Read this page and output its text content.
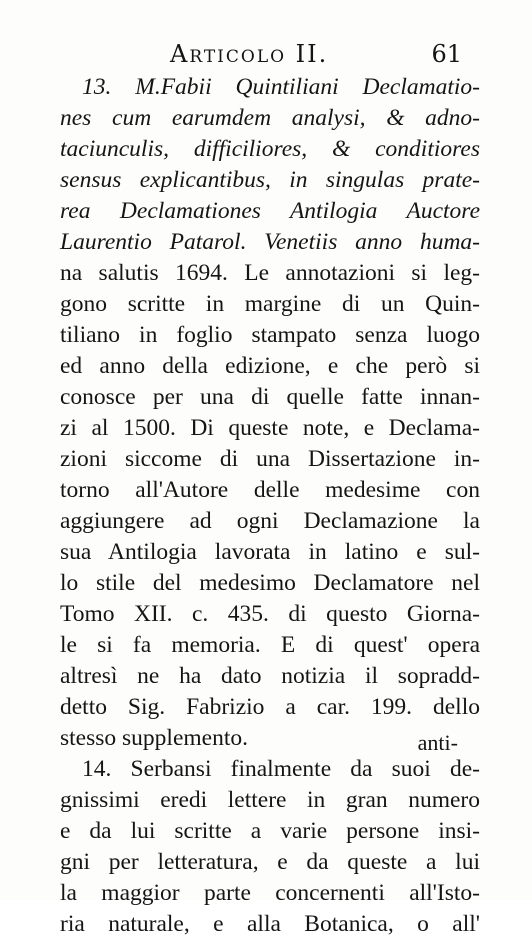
Articolo II.	61
13. M.Fabii Quintiliani Declamatio-
nes cum earumdem analysi, & adno-
taciunculis, difficiliores, & conditiores
sensus explicantibus, in singulas prate-
rea Declamationes Antilogia Auctore
Laurentio Patarol. Venetiis anno huma-
na salutis 1694. Le annotazioni si leg-
gono scritte in margine di un Quin-
tiliano in foglio stampato senza luogo
ed anno della edizione, e che però si
conosce per una di quelle fatte innan-
zi al 1500. Di queste note, e Declama-
zioni siccome di una Dissertazione in-
torno all'Autore delle medesime con
aggiungere ad ogni Declamazione la
sua Antilogia lavorata in latino e sul-
lo stile del medesimo Declamatore nel
Tomo XII. c. 435. di questo Giorna-
le si fa memoria. E di quest' opera
altresì ne ha dato notizia il sopradd-
detto Sig. Fabrizio a car. 199. dello
stesso supplemento.
14. Serbansi finalmente da suoi de-
gnissimi eredi lettere in gran numero
e da lui scritte a varie persone insi-
gni per letteratura, e da queste a lui
la maggior parte concernenti all'Isto-
ria naturale, e alla Botanica, o all'
anti-
